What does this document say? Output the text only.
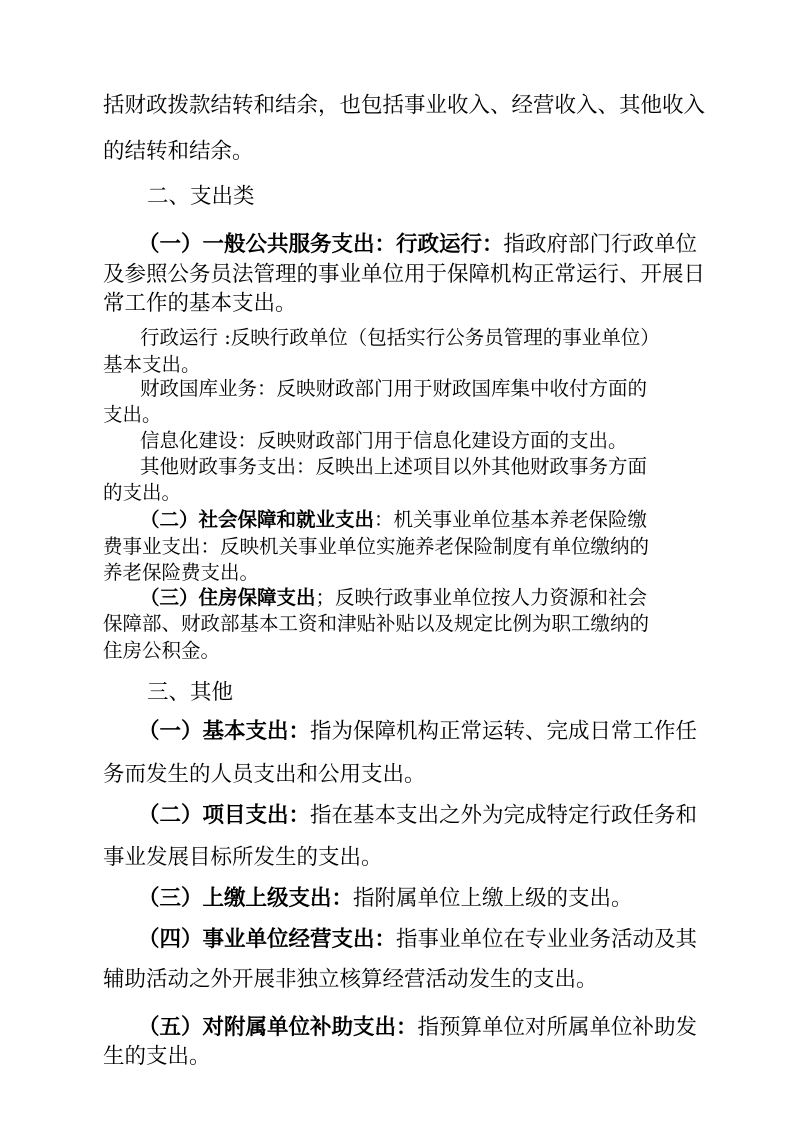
括财政拨款结转和结余，也包括事业收入、经营收入、其他收入
的结转和结余。
二、支出类
（一）一般公共服务支出：行政运行：指政府部门行政单位
及参照公务员法管理的事业单位用于保障机构正常运行、开展日
常工作的基本支出。
行政运行 :反映行政单位（包括实行公务员管理的事业单位）
基本支出。
财政国库业务：反映财政部门用于财政国库集中收付方面的
支出。
信息化建设：反映财政部门用于信息化建设方面的支出。
其他财政事务支出：反映出上述项目以外其他财政事务方面
的支出。
（二）社会保障和就业支出：机关事业单位基本养老保险缴
费事业支出：反映机关事业单位实施养老保险制度有单位缴纳的
养老保险费支出。
（三）住房保障支出；反映行政事业单位按人力资源和社会
保障部、财政部基本工资和津贴补贴以及规定比例为职工缴纳的
住房公积金。
三、其他
（一）基本支出：指为保障机构正常运转、完成日常工作任
务而发生的人员支出和公用支出。
（二）项目支出：指在基本支出之外为完成特定行政任务和
事业发展目标所发生的支出。
（三）上缴上级支出：指附属单位上缴上级的支出。
（四）事业单位经营支出：指事业单位在专业业务活动及其
辅助活动之外开展非独立核算经营活动发生的支出。
（五）对附属单位补助支出：指预算单位对所属单位补助发
生的支出。
